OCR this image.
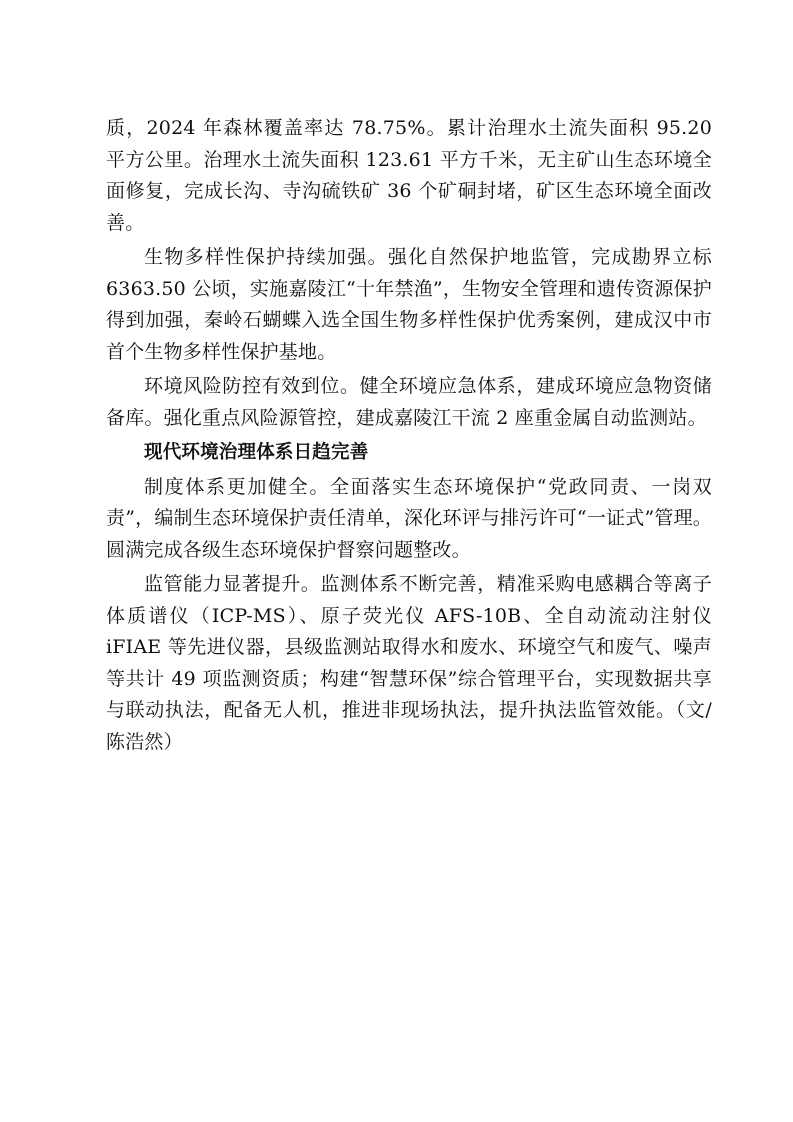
质，2024 年森林覆盖率达 78.75%。累计治理水土流失面积 95.20 平方公里。治理水土流失面积 123.61 平方千米，无主矿山生态环境全面修复，完成长沟、寺沟硫铁矿 36 个矿硐封堵，矿区生态环境全面改善。

生物多样性保护持续加强。强化自然保护地监管，完成勘界立标 6363.50 公顷，实施嘉陵江“十年禁渔”，生物安全管理和遗传资源保护得到加强，秦岭石蝴蝶入选全国生物多样性保护优秀案例，建成汉中市首个生物多样性保护基地。

环境风险防控有效到位。健全环境应急体系，建成环境应急物资储备库。强化重点风险源管控，建成嘉陵江干流 2 座重金属自动监测站。

现代环境治理体系日趋完善

制度体系更加健全。全面落实生态环境保护“党政同责、一岗双责”，编制生态环境保护责任清单，深化环评与排污许可“一证式”管理。圆满完成各级生态环境保护督察问题整改。

监管能力显著提升。监测体系不断完善，精准采购电感耦合等离子体质谱仪（ICP-MS）、原子荧光仪 AFS-10B、全自动流动注射仪 iFIAE 等先进仪器，县级监测站取得水和废水、环境空气和废气、噪声等共计 49 项监测资质；构建“智慧环保”综合管理平台，实现数据共享与联动执法，配备无人机，推进非现场执法，提升执法监管效能。（文/陈浩然）
